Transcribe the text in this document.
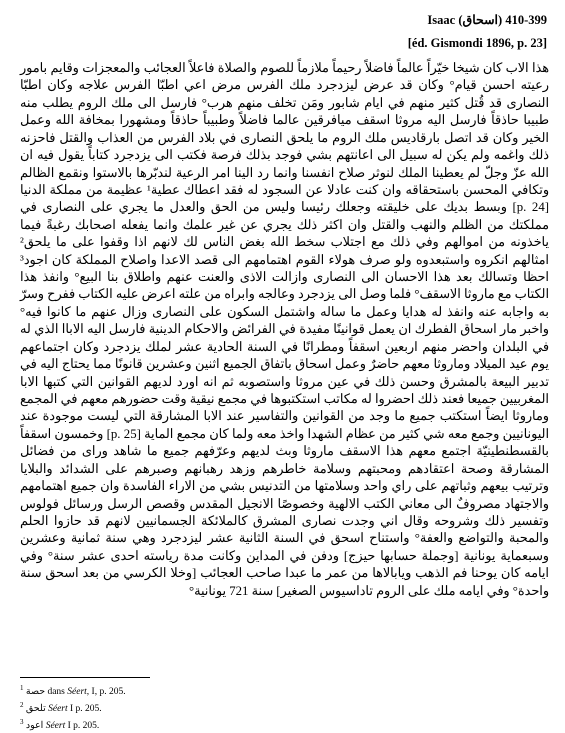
Isaac (اسحاق) 399-410
[éd. Gismondi 1896, p. 23]

هذا الاب كان شيخا خيّراً عالماً فاضلاً رحيماً ملازماً للصوم والصلاة فاعلاً العجائب والمعجزات وقايم بامور رعيته احسن قيام° وكان قد عرض ليزدجرد ملك الفرس مرض اعي اطبّا الفرس علاجه وكان اطبّا النصارى قد قُتل كثير منهم في ايام شابور ومَن تخلف منهم هرب° فارسل الى ملك الروم يطلب منه طبيبا حاذقاً فارسل اليه مروثا اسقف ميافرقين عالما فاضلاً وطبيباً حاذقاً ومشهورا بمخافة الله وعمل الخير وكان قد اتصل بارقاديس ملك الروم ما يلحق النصارى في بلاد الفرس من العذاب والقتل فاحزنه ذلك واغمه ولم يكن له سبيل الى اعانتهم بشي فوجد بذلك فرصة فكتب الى يزدجرد كتاباً يقول فيه ان الله عزّ وجلّ لم يعطينا الملك لنوثر صلاح انفسنا وانما رد الينا امر الرعية لندبّرها بالاستوا ونقمع الظالم وتكافي المحسن باستحقاقه وان كنت عادلا عن السجود له فقد اعطاك عطية¹ عظيمة من مملكة الدنيا [p. 24] وبسط بديك على خليقته وجعلك رئيسا وليس من الحق والعدل ما يجري على النصارى في مملكتك من الظلم والنهب والقتل وان اكثر ذلك يجري عن غير علمك وانما يفعله اصحابك رغبةً فيما ياخذونه من اموالهم وفي ذلك مع اجتلاب سخط الله بغض الناس لك لانهم اذا وقفوا على ما يلحق² امثالهم انكروه واستبعدوه ولو صرف هولاء القوم اهتمامهم الى قصد الاعدا واصلاح المملكة كان اجود³ احظا وتسالك بعد هذا الاحسان الى النصارى وازالت الاذى والعنت عنهم واطلاق بنا البيع° وانفذ هذا الكتاب مع ماروثا الاسقف° فلما وصل الى يزدجرد وعالجه وابراه من علته اعرض عليه الكتاب ففرح وسرّ به واجابه عنه وانفذ له هدايا وعمل ما ساله واشتمل السكون على النصارى وزال عنهم ما كانوا فيه° واخبر مار اسحاق الفطرك ان يعمل قوانينًا مفيدة في الفرائض والاحكام الدينية فارسل اليه الاباا الذي له في البلدان واحضر منهم اربعين اسقفاً ومطرانًا في السنة الحادية عشر لملك يزدجرد وكان اجتماعهم يوم عيد الميلاد وماروثا معهم حاضرٌ وعمل اسحاق باتفاق الجميع اثنين وعشرين قانونًا مما يحتاج اليه في تدبير البيعة بالمشرق وحسن ذلك في عين مروثا واستصوبه ثم انه اورد لديهم القوانين التي كتبها الابا المغربيين جميعا فعند ذلك احضروا له مكاتب استكتبوها في مجمع نيقية وقت حضورهم معهم في المجمع وماروثا ايضاً استكتب جميع ما وجد من القوانين والتفاسير عند الابا المشارقة التي ليست موجودة عند اليونانيين وجمع معه شي كثير من عظام الشهدا واخذ معه ولما كان مجمع الماية [p. 25] وخمسون اسقفاً بالقسطنطينيّة اجتمع معهم هذا الاسقف ماروثا وبث لديهم وعرّفهم جميع ما شاهد وراى من فضائل المشارقة وصحة اعتقادهم ومحبتهم وسلامة خاطرهم وزهد رهبانهم وصبرهم على الشدائد والبلايا وترتيب بيعهم وثباتهم على راي واحد وسلامتها من التدنيس بشي من الاراء الفاسدة وان جميع اهتمامهم والاجتهاد مصروفٌ الى معاني الكتب الالهية وخصوصًا الانجيل المقدس وقصص الرسل ورسائل فولوس وتفسير ذلك وشروحه وقال اني وجدت نصارى المشرق كالملائكة الجسمانيين لانهم قد حازوا الحلم والمحبة والتواضع والعفة° واستناح اسحق في السنة الثانية عشر ليزدجرد وهي سنة ثمانية وعشرين وسبعماية يونانية [وجملة حسابها حيزج] ودفن في المداين وكانت مدة رياسته احدى عشر سنة° وفي ايامه كان يوحنا فم الذهب ويابالاها من عمر ما عبدا صاحب العجائب [وخلا الكرسي من بعد اسحق سنة واحدة° وفي ايامه ملك على الروم تاداسيوس الصغير] سنة 721 يونانية°

$^1$ حصة dans Séert, I, p. 205.
$^2$ تلحق Séert I p. 205.
$^3$ اعود Séert I p. 205.
